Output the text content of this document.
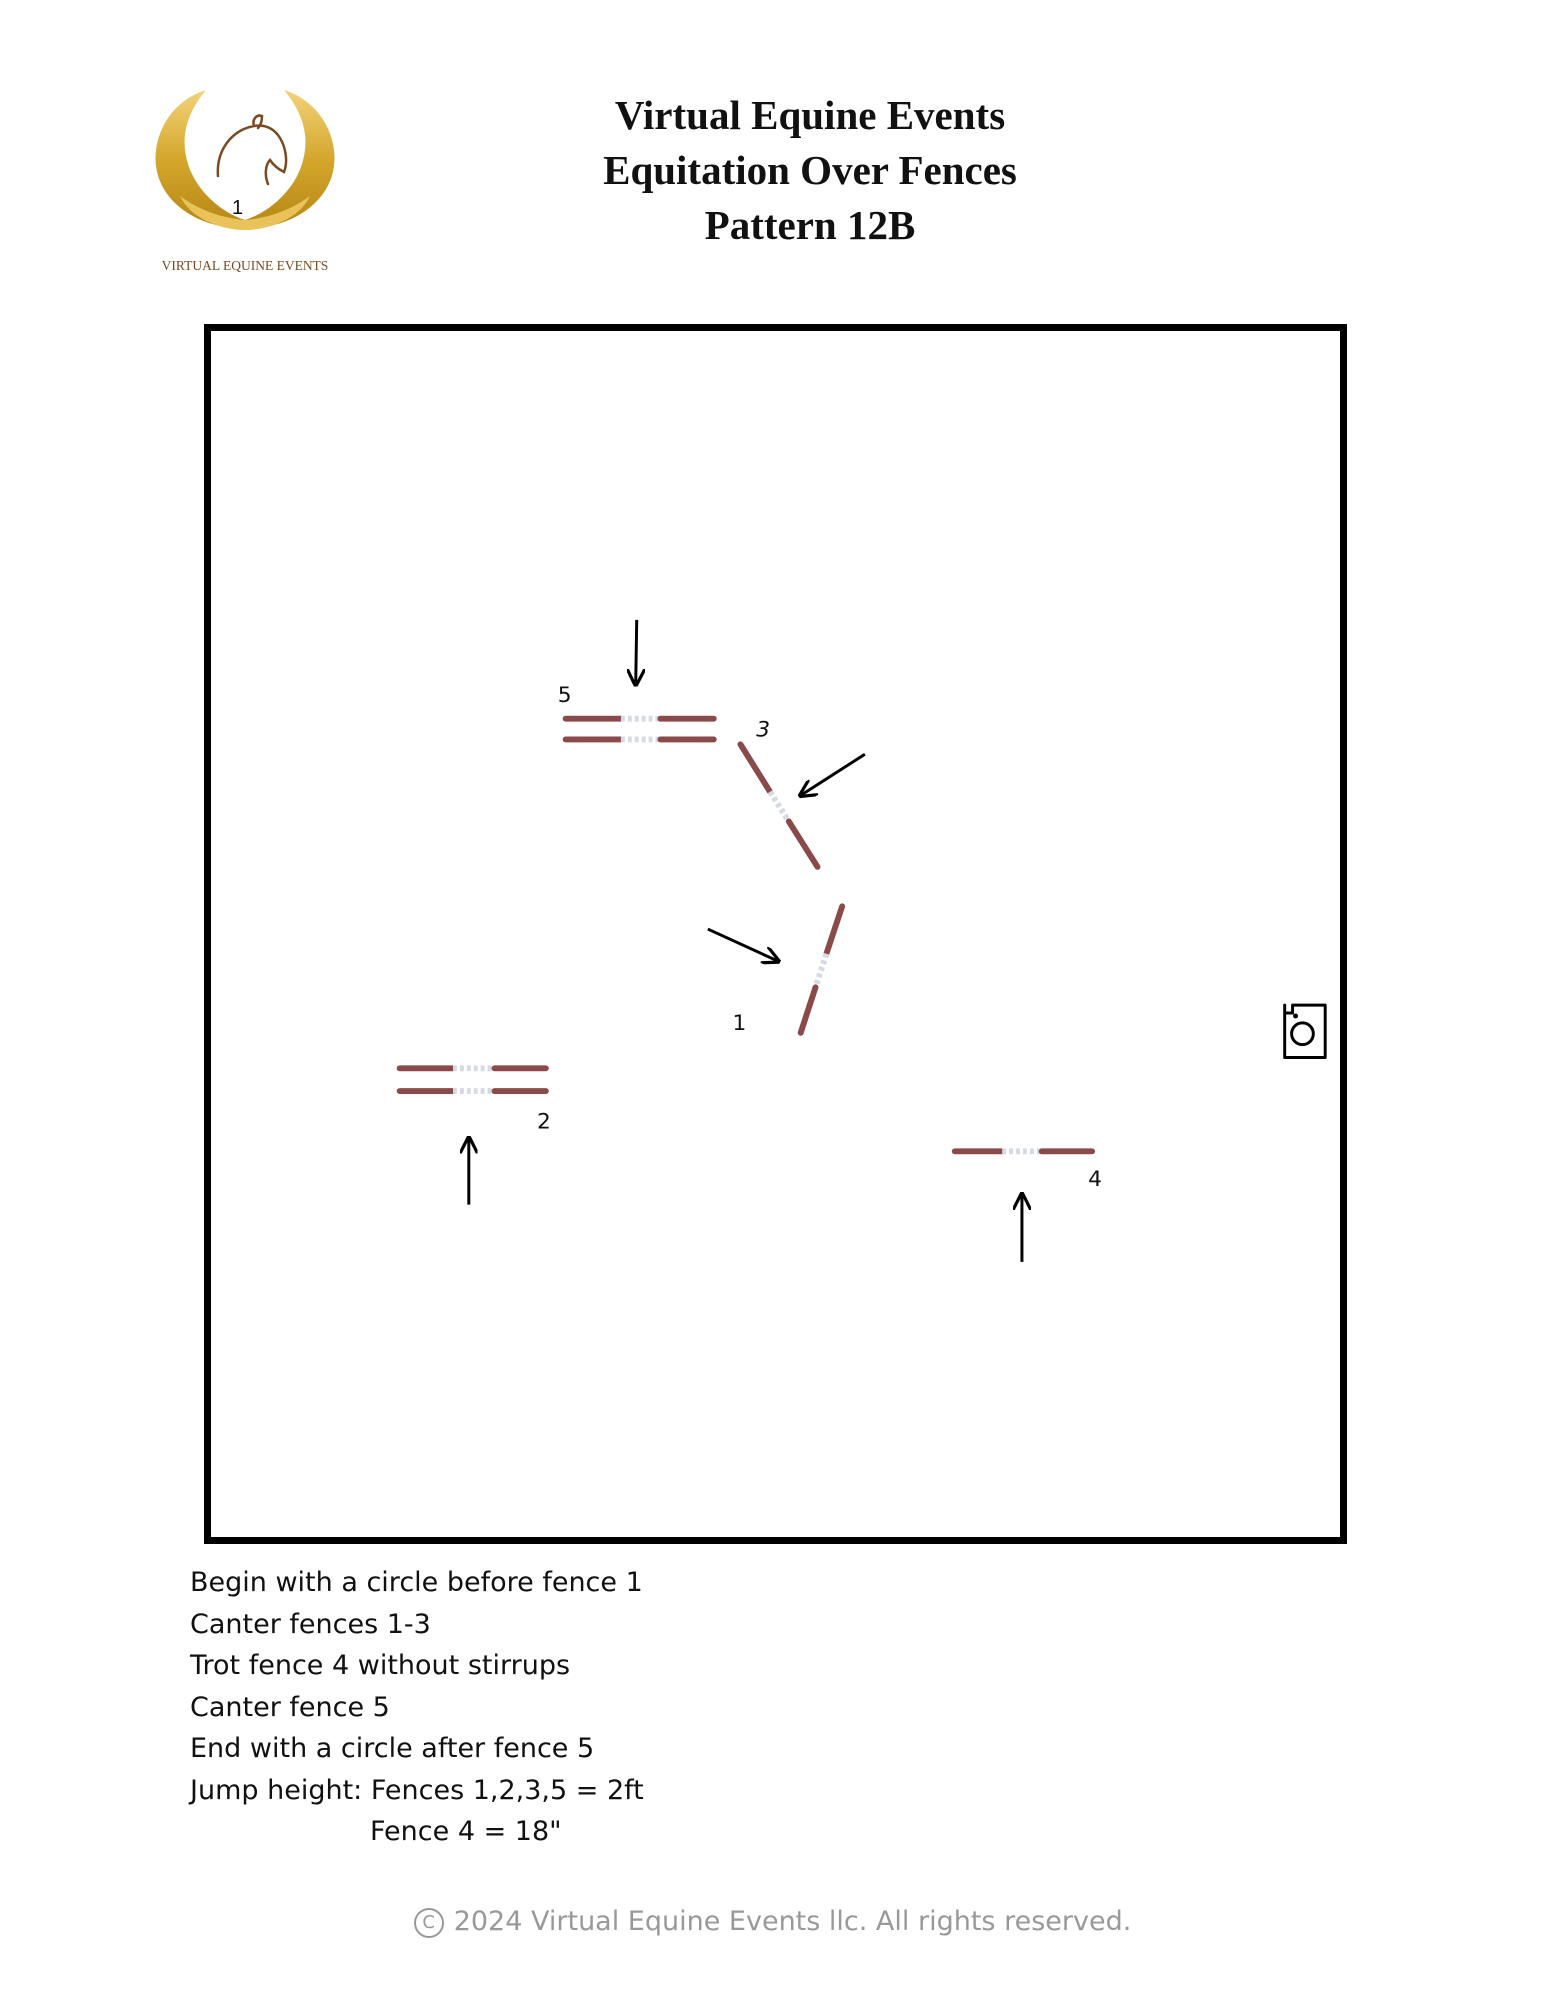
1
VIRTUAL EQUINE EVENTS
Virtual Equine Events
Equitation Over Fences
Pattern 12B
5
3
1
2
4
Begin with a circle before fence 1
Canter fences 1-3
Trot fence 4 without stirrups
Canter fence 5
End with a circle after fence 5
Jump height: Fences 1,2,3,5 = 2ft
Fence 4 = 18"
C 2024 Virtual Equine Events llc. All rights reserved.
